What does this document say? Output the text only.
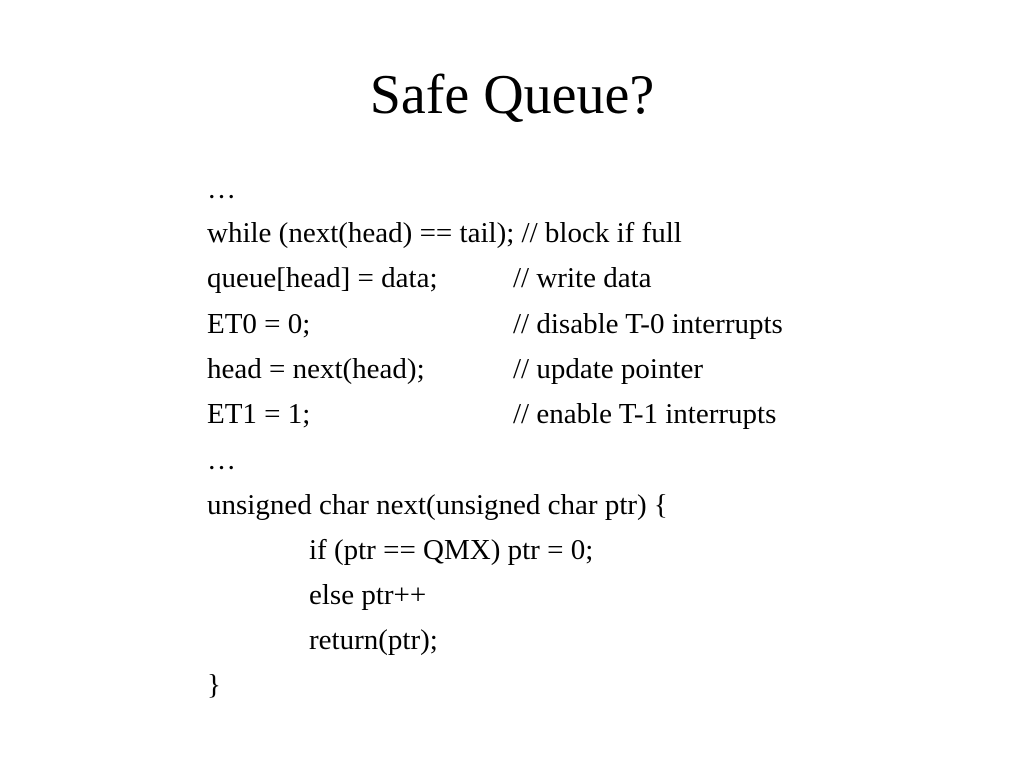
Safe Queue?

…

while (next(head) == tail); // block if full

queue[head] = data;

	// write data

ET0 = 0;

	// disable T-0 interrupts

head = next(head);

	// update pointer

ET1 = 1;

	// enable T-1 interrupts

…

unsigned char next(unsigned char ptr) {

if (ptr == QMX) ptr = 0;

else ptr++

return(ptr);

}
